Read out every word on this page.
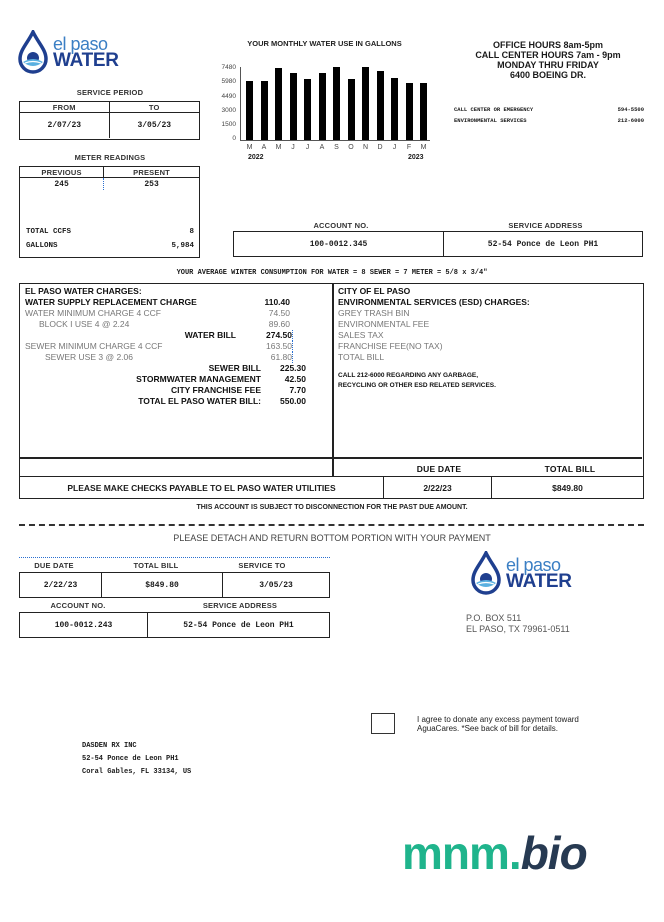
el paso
WATER
SERVICE PERIOD
FROM	TO
2/07/23	3/05/23
METER READINGS
PREVIOUS	PRESENT
245	253
TOTAL CCFS	8
GALLONS	5,984
YOUR MONTHLY WATER USE IN GALLONS
7480
5980
4490
3000
1500
0
M A M J J A S O N D J F M
2022	2023
OFFICE HOURS 8am-5pm
CALL CENTER HOURS 7am - 9pm
MONDAY THRU FRIDAY
6400 BOEING DR.
CALL CENTER OR EMERGENCY	594-5500
ENVIRONMENTAL SERVICES	212-6000
ACCOUNT NO.	SERVICE ADDRESS
100-0012.345	52-54 Ponce de Leon PH1
YOUR AVERAGE WINTER CONSUMPTION FOR WATER = 8 SEWER = 7 METER = 5/8 x 3/4"
EL PASO WATER CHARGES:
WATER SUPPLY REPLACEMENT CHARGE	110.40
WATER MINIMUM CHARGE 4 CCF	74.50
BLOCK I USE 4 @ 2.24	89.60
WATER BILL	274.50
SEWER MINIMUM CHARGE 4 CCF	163.50
SEWER USE 3 @ 2.06	61.80
SEWER BILL	225.30
STORMWATER MANAGEMENT	42.50
CITY FRANCHISE FEE	7.70
TOTAL EL PASO WATER BILL:	550.00
CITY OF EL PASO
ENVIRONMENTAL SERVICES (ESD) CHARGES:
GREY TRASH BIN
ENVIRONMENTAL FEE
SALES TAX
FRANCHISE FEE(NO TAX)
TOTAL BILL
CALL 212-6000 REGARDING ANY GARBAGE,
RECYCLING OR OTHER ESD RELATED SERVICES.
DUE DATE	TOTAL BILL
PLEASE MAKE CHECKS PAYABLE TO EL PASO WATER UTILITIES	2/22/23	$849.80
THIS ACCOUNT IS SUBJECT TO DISCONNECTION FOR THE PAST DUE AMOUNT.
PLEASE DETACH AND RETURN BOTTOM PORTION WITH YOUR PAYMENT
DUE DATE	TOTAL BILL	SERVICE TO
2/22/23	$849.80	3/05/23
ACCOUNT NO.	SERVICE ADDRESS
100-0012.243	52-54 Ponce de Leon PH1
el paso
WATER
P.O. BOX 511
EL PASO, TX 79961-0511
I agree to donate any excess payment toward
AguaCares. *See back of bill for details.
DASDEN RX INC
52-54 Ponce de Leon PH1
Coral Gables, FL 33134, US
mnm.bio
